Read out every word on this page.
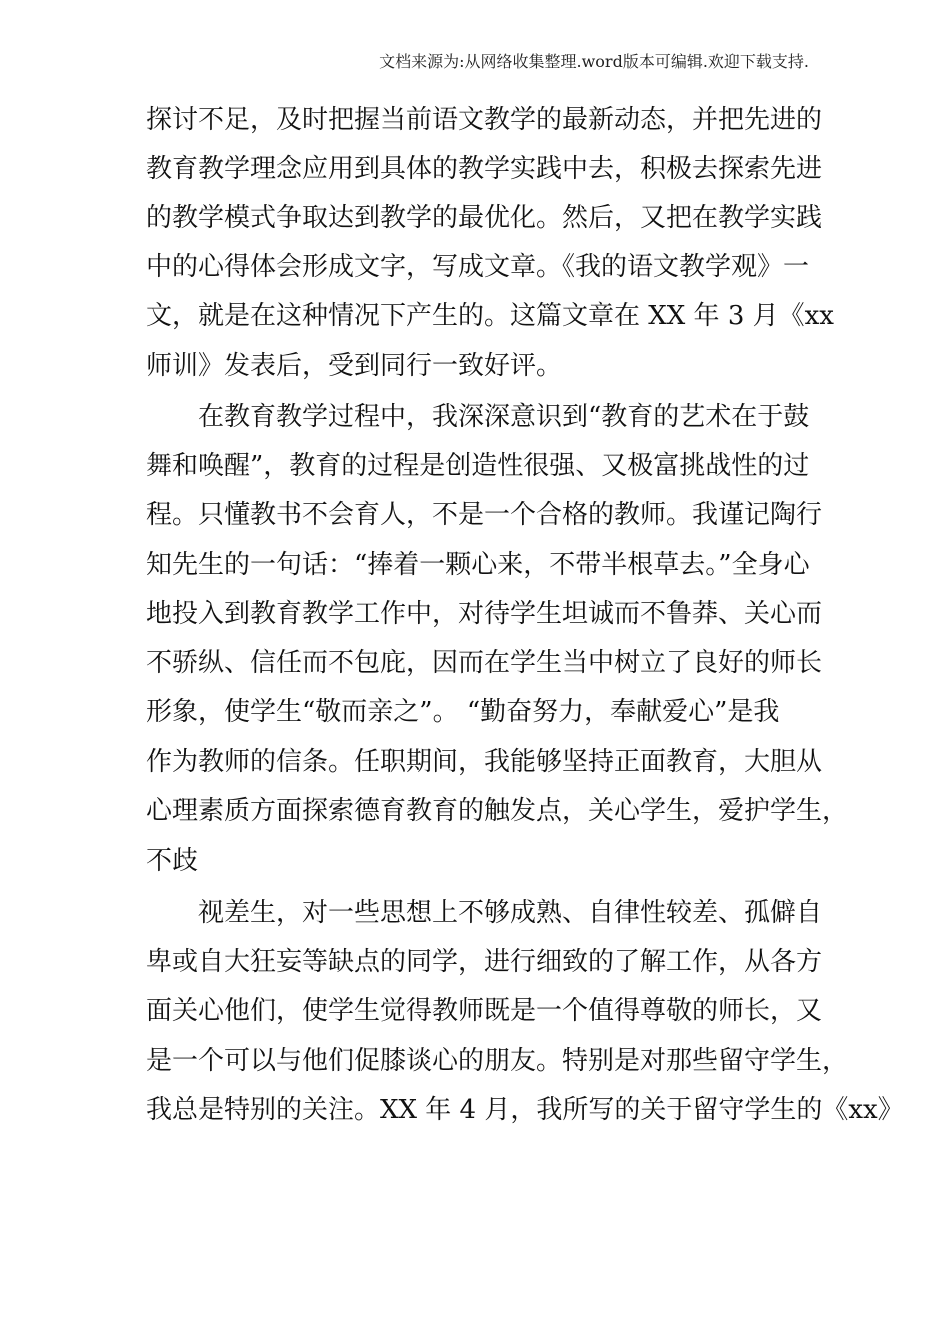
文档来源为:从网络收集整理.word版本可编辑.欢迎下载支持.
探讨不足，及时把握当前语文教学的最新动态，并把先进的
教育教学理念应用到具体的教学实践中去，积极去探索先进
的教学模式争取达到教学的最优化。然后，又把在教学实践
中的心得体会形成文字，写成文章。《我的语文教学观》一
文，就是在这种情况下产生的。这篇文章在 XX 年 3 月《xx
师训》发表后，受到同行一致好评。
在教育教学过程中，我深深意识到“教育的艺术在于鼓
舞和唤醒”，教育的过程是创造性很强、又极富挑战性的过
程。只懂教书不会育人，不是一个合格的教师。我谨记陶行
知先生的一句话：“捧着一颗心来，不带半根草去。”全身心
地投入到教育教学工作中，对待学生坦诚而不鲁莽、关心而
不骄纵、信任而不包庇，因而在学生当中树立了良好的师长
形象，使学生“敬而亲之”。 “勤奋努力，奉献爱心”是我
作为教师的信条。任职期间，我能够坚持正面教育，大胆从
心理素质方面探索德育教育的触发点，关心学生，爱护学生，
不歧
视差生，对一些思想上不够成熟、自律性较差、孤僻自
卑或自大狂妄等缺点的同学，进行细致的了解工作，从各方
面关心他们，使学生觉得教师既是一个值得尊敬的师长，又
是一个可以与他们促膝谈心的朋友。特别是对那些留守学生，
我总是特别的关注。XX 年 4 月，我所写的关于留守学生的《xx》
